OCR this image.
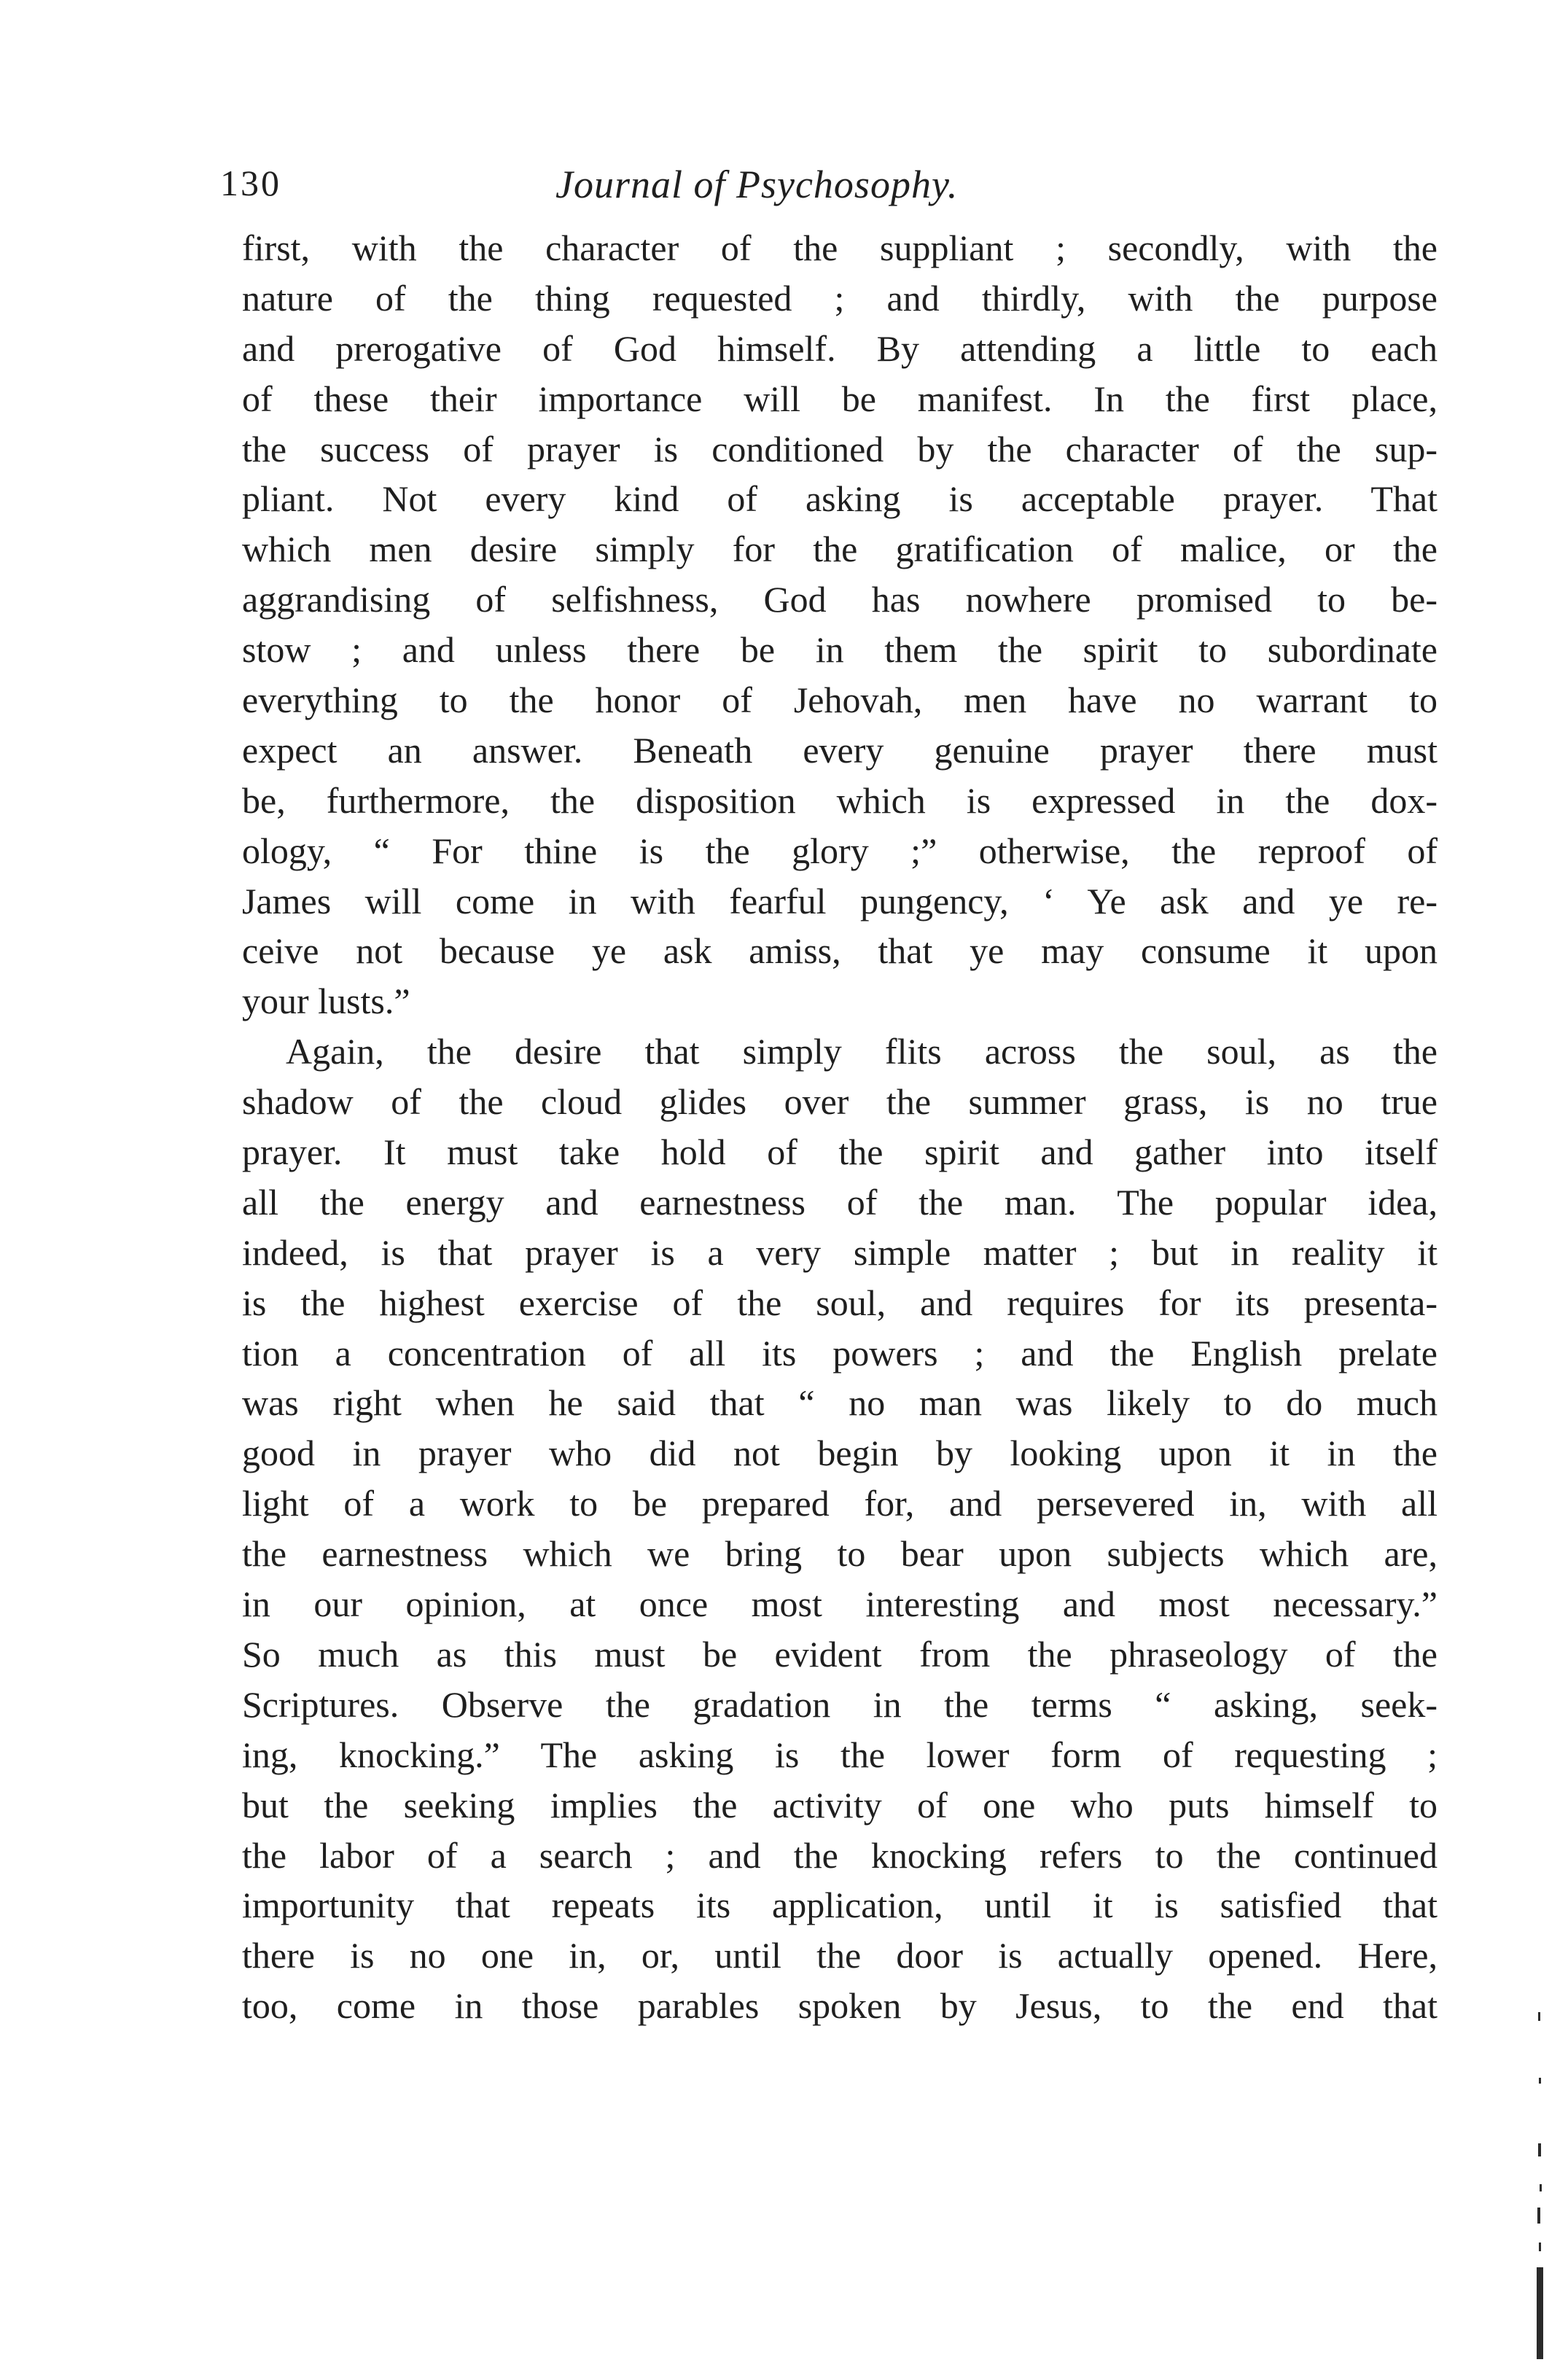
130	Journal of Psychosophy.
first, with the character of the suppliant ; secondly, with the
nature of the thing requested ; and thirdly, with the purpose
and prerogative of God himself. By attending a little to each
of these their importance will be manifest. In the first place,
the success of prayer is conditioned by the character of the sup-
pliant. Not every kind of asking is acceptable prayer. That
which men desire simply for the gratification of malice, or the
aggrandising of selfishness, God has nowhere promised to be-
stow ; and unless there be in them the spirit to subordinate
everything to the honor of Jehovah, men have no warrant to
expect an answer. Beneath every genuine prayer there must
be, furthermore, the disposition which is expressed in the dox-
ology, “ For thine is the glory ;” otherwise, the reproof of
James will come in with fearful pungency, ‘ Ye ask and ye re-
ceive not because ye ask amiss, that ye may consume it upon
your lusts.”
Again, the desire that simply flits across the soul, as the
shadow of the cloud glides over the summer grass, is no true
prayer. It must take hold of the spirit and gather into itself
all the energy and earnestness of the man. The popular idea,
indeed, is that prayer is a very simple matter ; but in reality it
is the highest exercise of the soul, and requires for its presenta-
tion a concentration of all its powers ; and the English prelate
was right when he said that “ no man was likely to do much
good in prayer who did not begin by looking upon it in the
light of a work to be prepared for, and persevered in, with all
the earnestness which we bring to bear upon subjects which are,
in our opinion, at once most interesting and most necessary.”
So much as this must be evident from the phraseology of the
Scriptures. Observe the gradation in the terms “ asking, seek-
ing, knocking.” The asking is the lower form of requesting ;
but the seeking implies the activity of one who puts himself to
the labor of a search ; and the knocking refers to the continued
importunity that repeats its application, until it is satisfied that
there is no one in, or, until the door is actually opened. Here,
too, come in those parables spoken by Jesus, to the end that
